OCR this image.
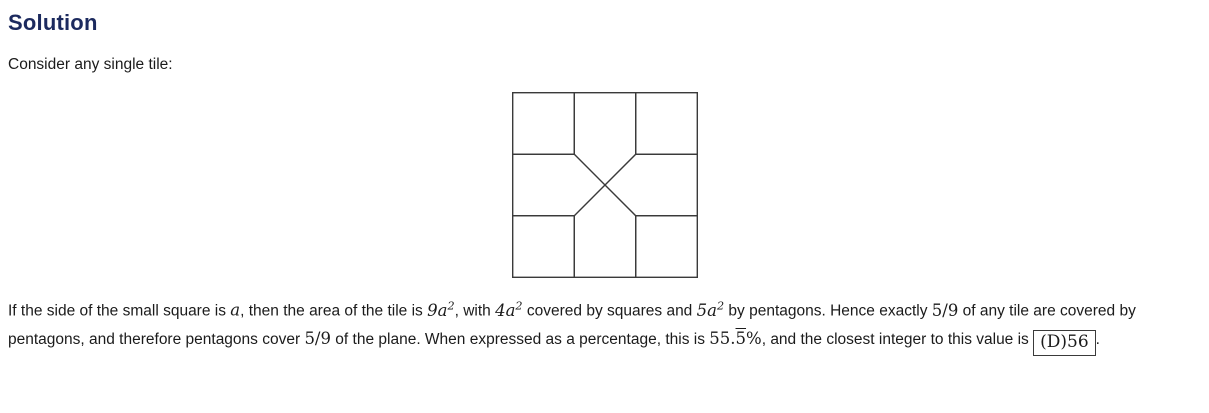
Solution
Consider any single tile:
If the side of the small square is a, then the area of the tile is $9a^2$, with $4a^2$ covered by squares and $5a^2$ by pentagons. Hence exactly 5/9 of any tile are covered by pentagons, and therefore pentagons cover 5/9 of the plane. When expressed as a percentage, this is 55.5%, and the closest integer to this value is (D)56 .
